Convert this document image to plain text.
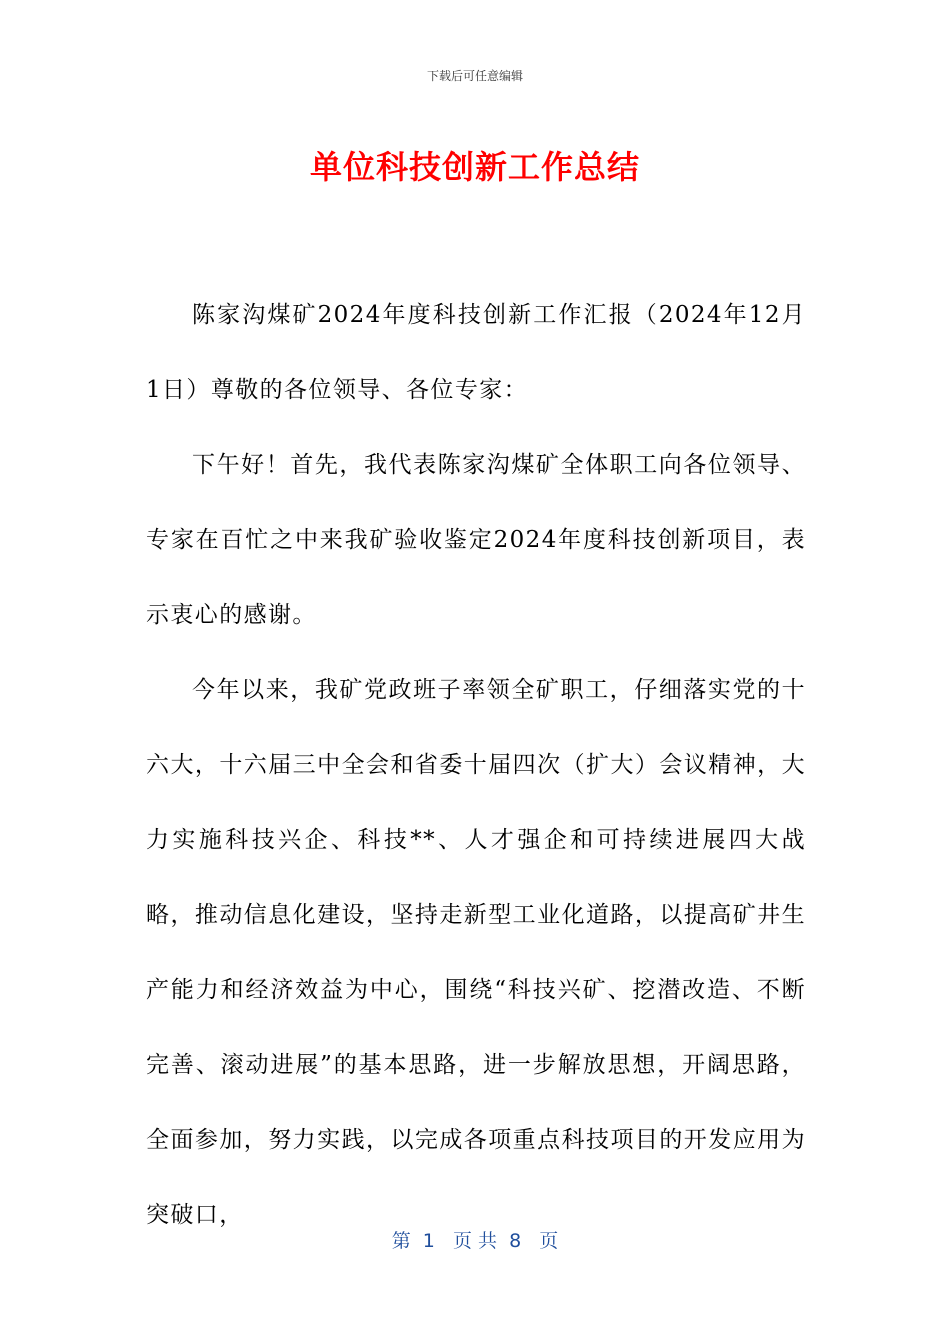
下载后可任意编辑
单位科技创新工作总结

陈家沟煤矿2024年度科技创新工作汇报（2024年12月1日）尊敬的各位领导、各位专家：

下午好！首先，我代表陈家沟煤矿全体职工向各位领导、专家在百忙之中来我矿验收鉴定2024年度科技创新项目，表示衷心的感谢。

今年以来，我矿党政班子率领全矿职工，仔细落实党的十六大，十六届三中全会和省委十届四次（扩大）会议精神，大力实施科技兴企、科技**、人才强企和可持续进展四大战略，推动信息化建设，坚持走新型工业化道路，以提高矿井生产能力和经济效益为中心，围绕“科技兴矿、挖潜改造、不断完善、滚动进展”的基本思路，进一步解放思想，开阔思路，全面参加，努力实践，以完成各项重点科技项目的开发应用为突破口，

第  1   页 共  8   页
